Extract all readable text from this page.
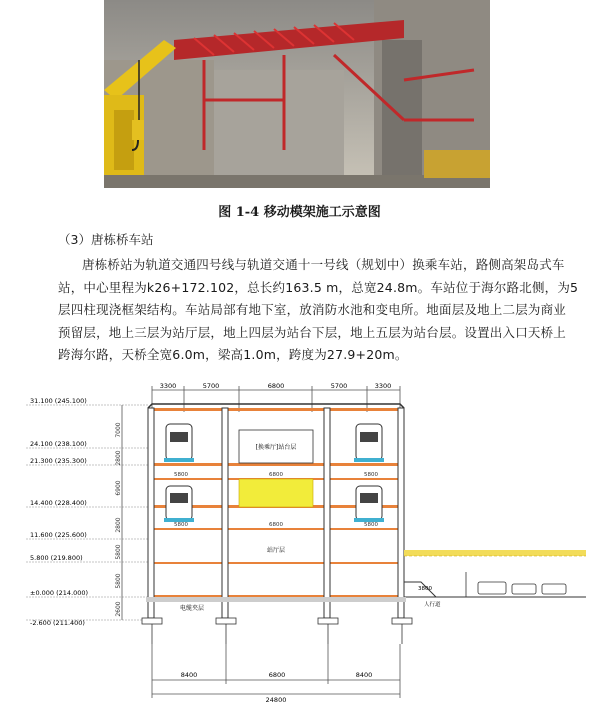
图 1-4 移动模架施工示意图
（3）唐栋桥车站
唐栋桥站为轨道交通四号线与轨道交通十一号线（规划中）换乘车站，路侧高架岛式车
站，中心里程为k26+172.102，总长约163.5 m，总宽24.8m。车站位于海尔路北侧，为5
层四柱现浇框架结构。车站局部有地下室，放消防水池和变电所。地面层及地上二层为商业
预留层，地上三层为站厅层，地上四层为站台下层，地上五层为站台层。设置出入口天桥上
跨海尔路，天桥全宽6.0m，梁高1.0m，跨度为27.9+20m。
3300	5700	6800	5700	3300
31.100 (245.100)
24.100 (238.100)
21.300 (235.300)
14.400 (228.400)
11.600 (225.600)
5.800 (219.800)
±0.000 (214.000)
-2.600 (211.400)
7000
2800
6900
2800
5800
5800
2600
[换乘厅]站台层
站厅层
电缆夹层
5800	6800	5800
5800	6800	5800
3800
人行道
8400	6800	8400
24800
